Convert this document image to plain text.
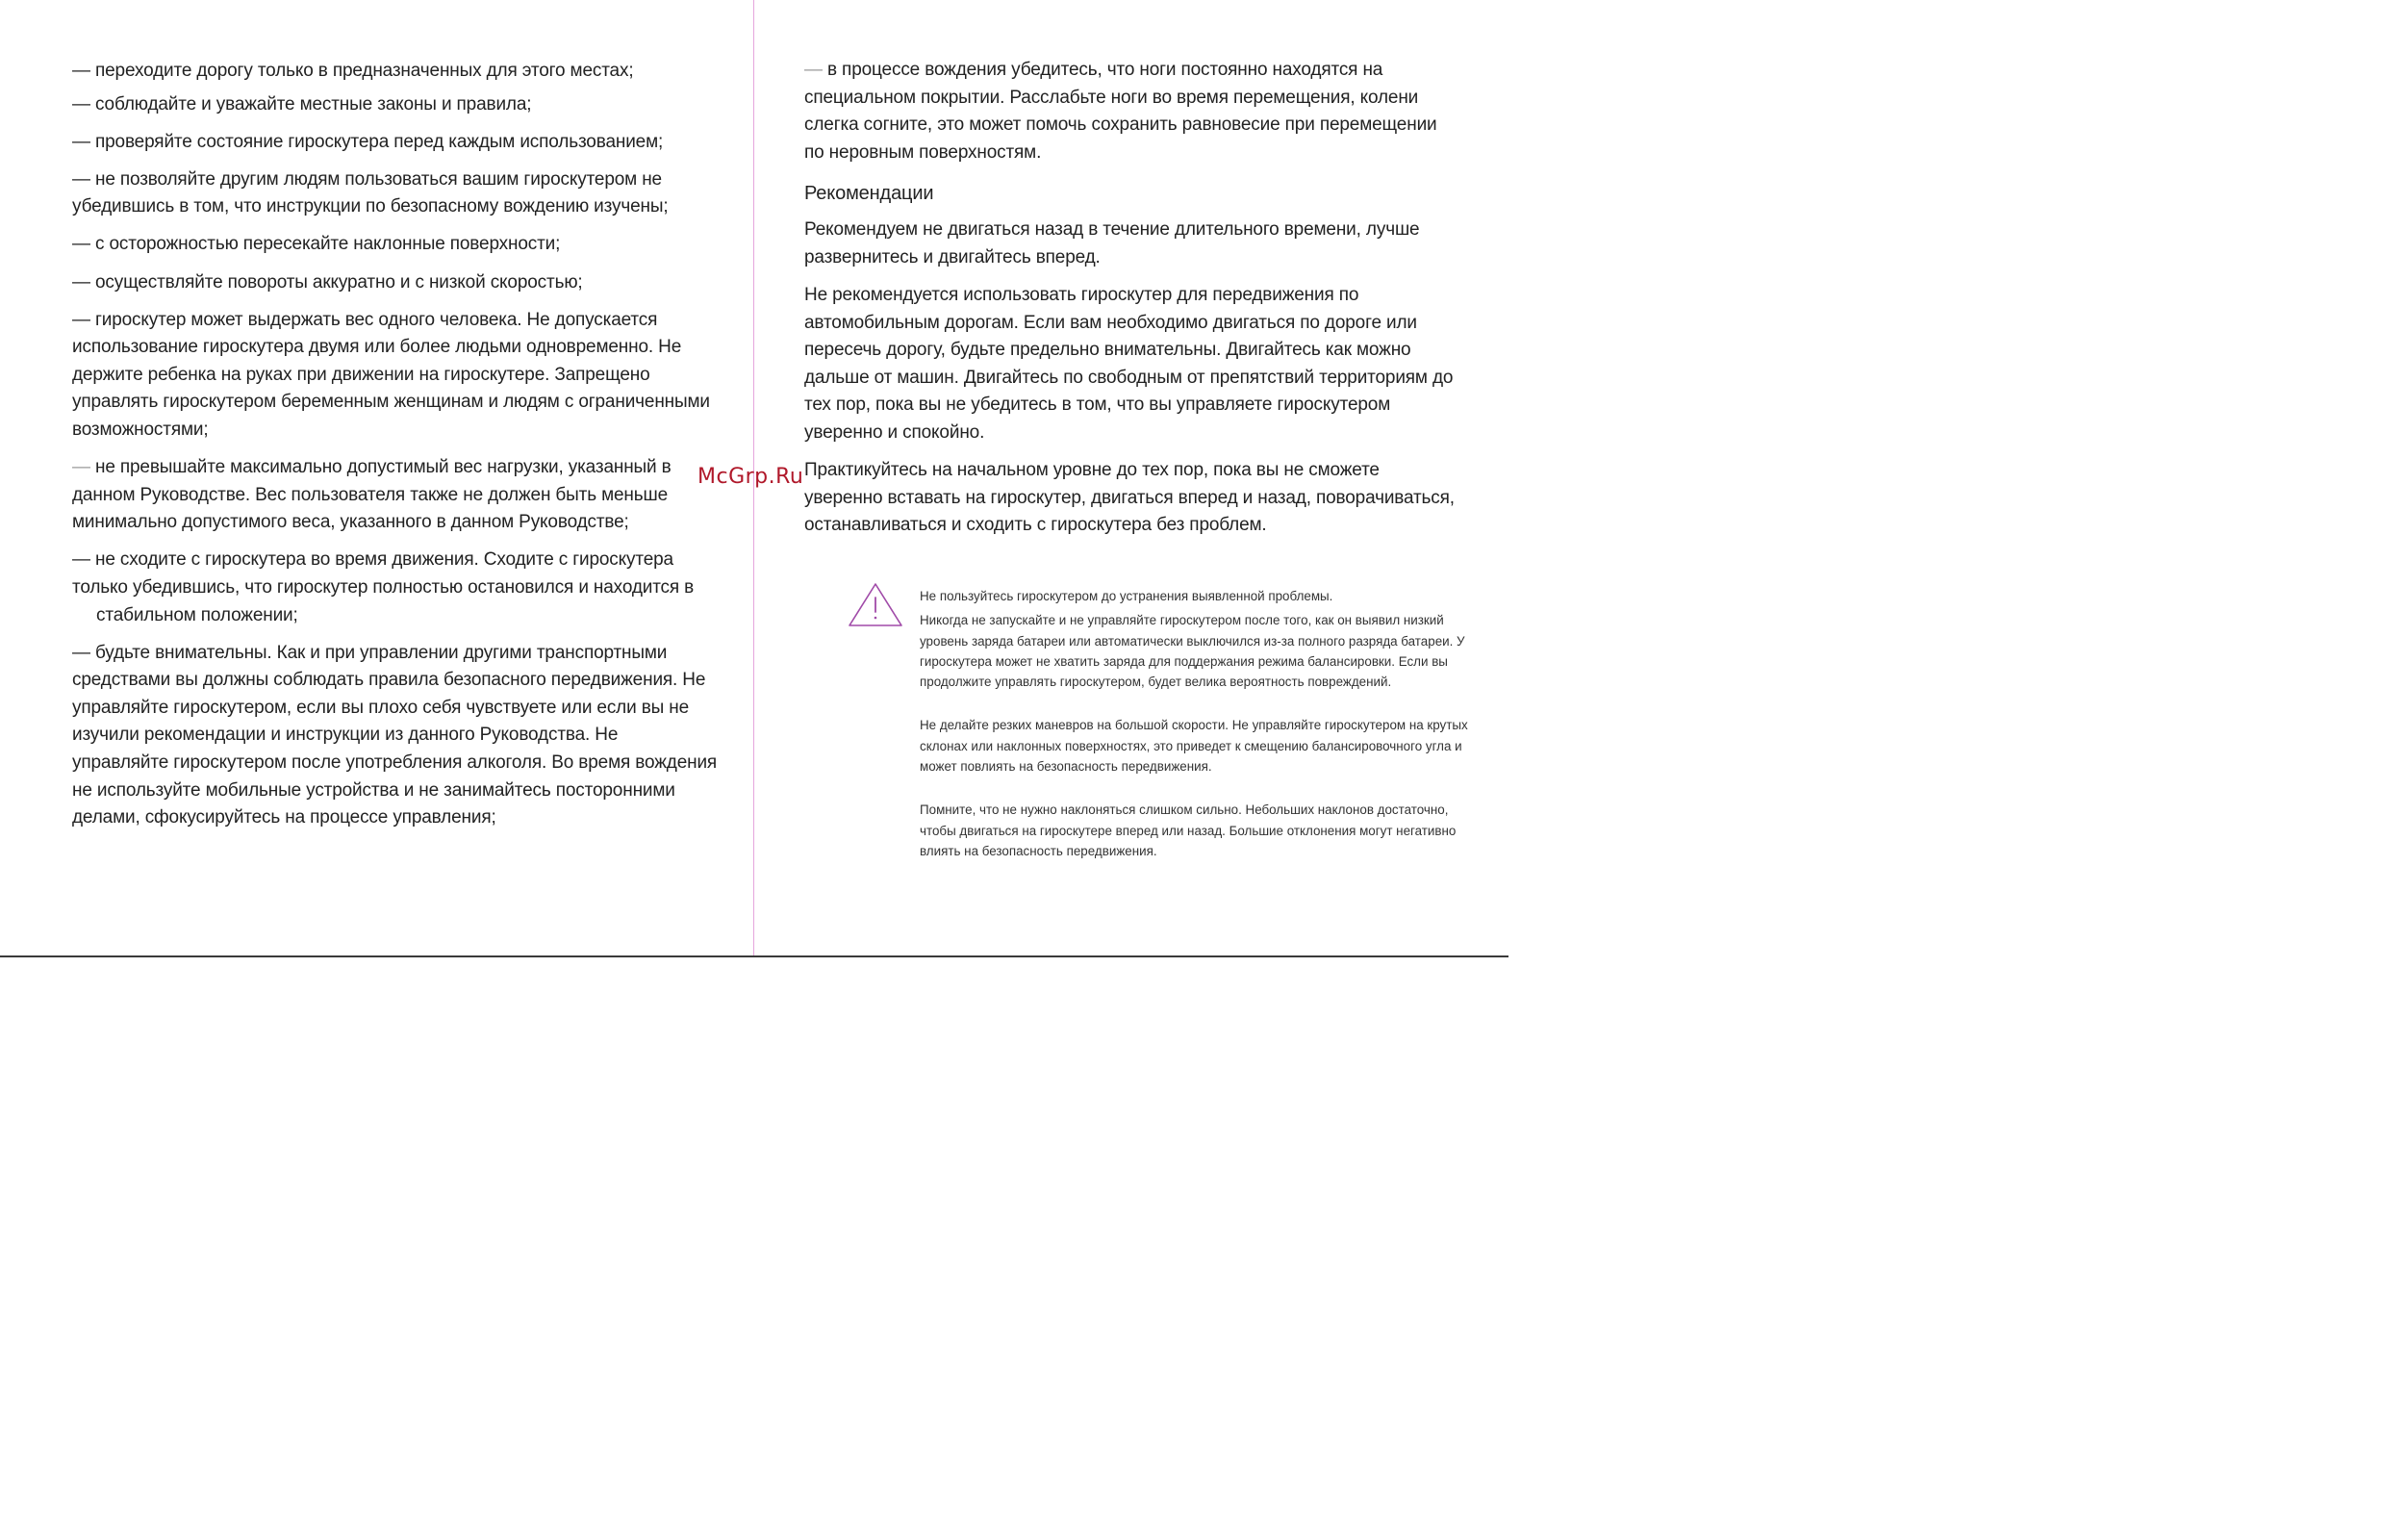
— переходите дорогу только в предназначенных для этого местах;

— соблюдайте и уважайте местные законы и правила;

— проверяйте состояние гироскутера перед каждым использованием;

— не позволяйте другим людям пользоваться вашим гироскутером не убедившись в том, что инструкции по безопасному вождению изучены;

— с осторожностью пересекайте наклонные поверхности;

— осуществляйте повороты аккуратно и с низкой скоростью;

— гироскутер может выдержать вес одного человека. Не допускается использование гироскутера двумя или более людьми одновременно. Не держите ребенка на руках при движении на гироскутере. Запрещено управлять гироскутером беременным женщинам и людям с ограниченными возможностями;

— не превышайте максимально допустимый вес нагрузки, указанный в данном Руководстве. Вес пользователя также не должен быть меньше минимально допустимого веса, указанного в данном Руководстве;

— не сходите с гироскутера во время движения. Сходите с гироскутера только убедившись, что гироскутер полностью остановился и находится в
стабильном положении;

— будьте внимательны. Как и при управлении другими транспортными средствами вы должны соблюдать правила безопасного передвижения. Не управляйте гироскутером, если вы плохо себя чувствуете или если вы не изучили рекомендации и инструкции из данного Руководства. Не управляйте гироскутером после употребления алкоголя. Во время вождения не используйте мобильные устройства и не занимайтесь посторонними делами, сфокусируйтесь на процессе управления;

— в процессе вождения убедитесь, что ноги постоянно находятся на специальном покрытии. Расслабьте ноги во время перемещения, колени слегка согните, это может помочь сохранить равновесие при перемещении по неровным поверхностям.

Рекомендации

Рекомендуем не двигаться назад в течение длительного времени, лучше развернитесь и двигайтесь вперед.

Не рекомендуется использовать гироскутер для передвижения по автомобильным дорогам. Если вам необходимо двигаться по дороге или пересечь дорогу, будьте предельно внимательны. Двигайтесь как можно дальше от машин. Двигайтесь по свободным от препятствий территориям до тех пор, пока вы не убедитесь в том, что вы управляете гироскутером уверенно и спокойно.

Практикуйтесь на начальном уровне до тех пор, пока вы не сможете уверенно вставать на гироскутер, двигаться вперед и назад, поворачиваться, останавливаться и сходить с гироскутера без проблем.

Не пользуйтесь гироскутером до устранения выявленной проблемы.

Никогда не запускайте и не управляйте гироскутером после того, как он выявил низкий уровень заряда батареи или автоматически выключился из-за полного разряда батареи. У гироскутера может не хватить заряда для поддержания режима балансировки. Если вы продолжите управлять гироскутером, будет велика вероятность повреждений.

Не делайте резких маневров на большой скорости. Не управляйте гироскутером на крутых склонах или наклонных поверхностях, это приведет к смещению балансировочного угла и может повлиять на безопасность передвижения.

Помните, что не нужно наклоняться слишком сильно. Небольших наклонов достаточно, чтобы двигаться на гироскутере вперед или назад. Большие отклонения могут негативно влиять на безопасность передвижения.

McGrp.Ru
